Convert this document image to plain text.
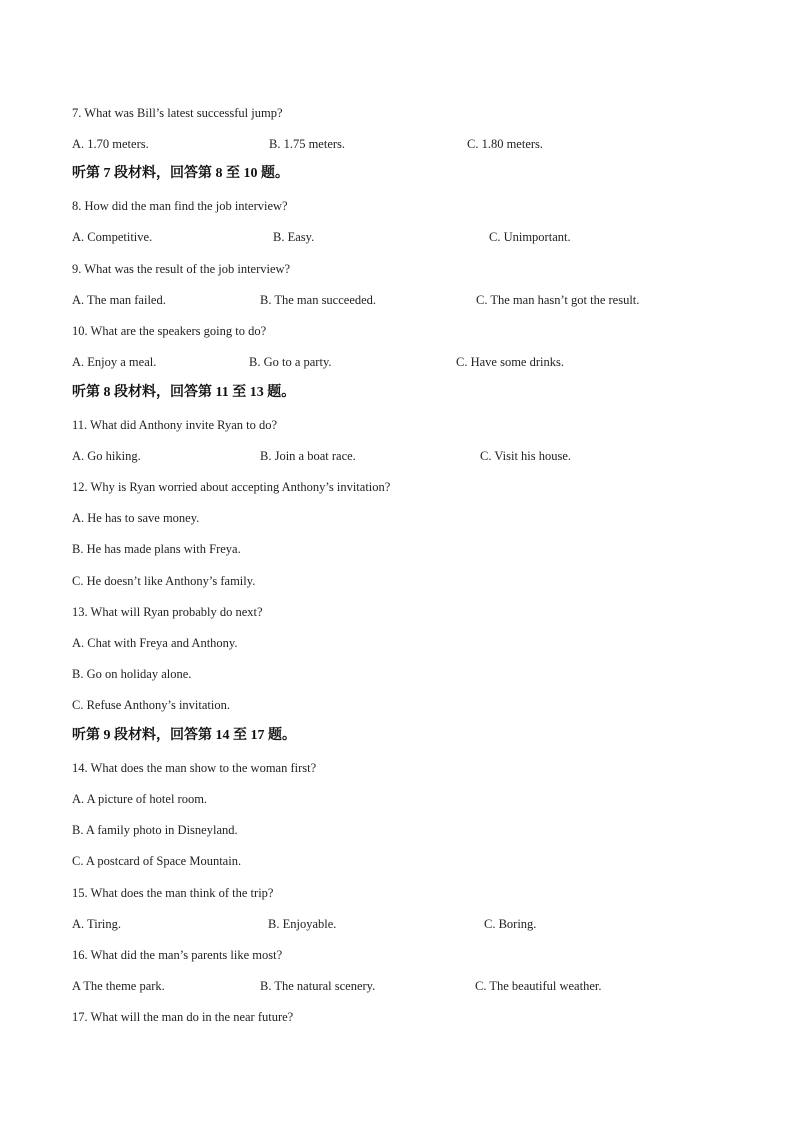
7. What was Bill’s latest successful jump?
A. 1.70 meters.	B. 1.75 meters.	C. 1.80 meters.
听第 7 段材料，回答第 8 至 10 题。
8. How did the man find the job interview?
A. Competitive.	B. Easy.	C. Unimportant.
9. What was the result of the job interview?
A. The man failed.	B. The man succeeded.	C. The man hasn’t got the result.
10. What are the speakers going to do?
A. Enjoy a meal.	B. Go to a party.	C. Have some drinks.
听第 8 段材料，回答第 11 至 13 题。
11. What did Anthony invite Ryan to do?
A. Go hiking.	B. Join a boat race.	C. Visit his house.
12. Why is Ryan worried about accepting Anthony’s invitation?
A. He has to save money.
B. He has made plans with Freya.
C. He doesn’t like Anthony’s family.
13. What will Ryan probably do next?
A. Chat with Freya and Anthony.
B. Go on holiday alone.
C. Refuse Anthony’s invitation.
听第 9 段材料，回答第 14 至 17 题。
14. What does the man show to the woman first?
A. A picture of hotel room.
B. A family photo in Disneyland.
C. A postcard of Space Mountain.
15. What does the man think of the trip?
A. Tiring.	B. Enjoyable.	C. Boring.
16. What did the man’s parents like most?
A The theme park.	B. The natural scenery.	C. The beautiful weather.
17. What will the man do in the near future?
